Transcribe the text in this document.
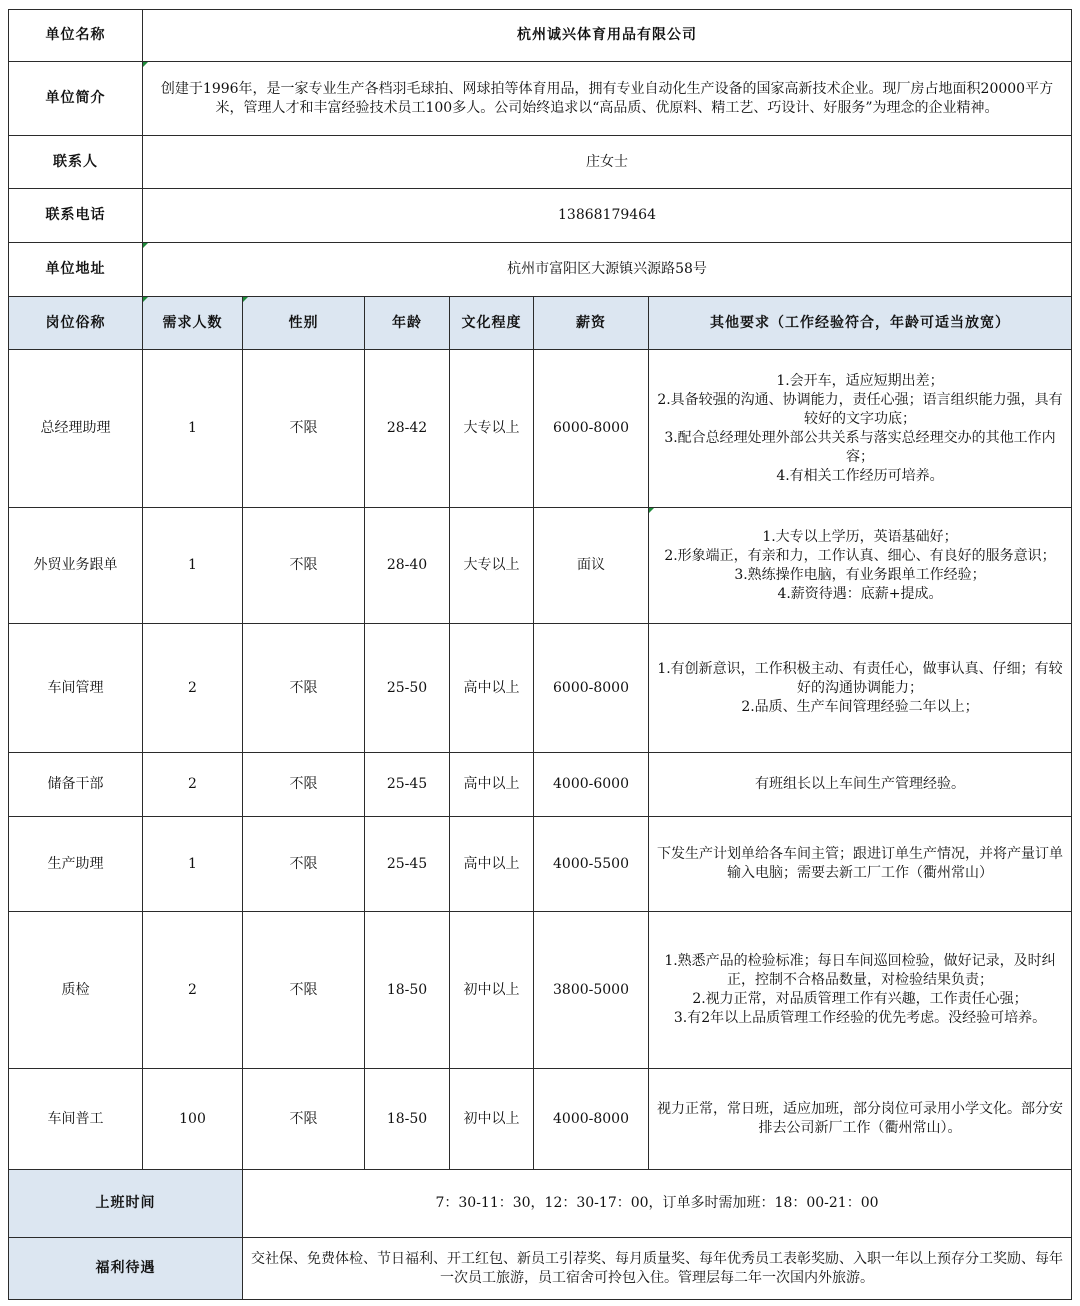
单位名称	杭州诚兴体育用品有限公司					
单位简介	创建于1996年，是一家专业生产各档羽毛球拍、网球拍等体育用品，拥有专业自动化生产设备的国家高新技术企业。现厂房占地面积20000平方米，管理人才和丰富经验技术员工100多人。公司始终追求以“高品质、优原料、精工艺、巧设计、好服务”为理念的企业精神。					
联系人	庄女士					
联系电话	13868179464					
单位地址	杭州市富阳区大源镇兴源路58号					
岗位俗称	需求人数	性别	年龄	文化程度	薪资	其他要求（工作经验符合，年龄可适当放宽）
总经理助理	1	不限	28-42	大专以上	6000-8000	1.会开车，适应短期出差；
2.具备较强的沟通、协调能力，责任心强；语言组织能力强，具有较好的文字功底；
3.配合总经理处理外部公共关系与落实总经理交办的其他工作内容；
4.有相关工作经历可培养。

外贸业务跟单	1	不限	28-40	大专以上	面议	1.大专以上学历，英语基础好；
2.形象端正，有亲和力，工作认真、细心、有良好的服务意识；
3.熟练操作电脑，有业务跟单工作经验；
4.薪资待遇：底薪+提成。

车间管理	2	不限	25-50	高中以上	6000-8000	1.有创新意识，工作积极主动、有责任心，做事认真、仔细；有较好的沟通协调能力；
2.品质、生产车间管理经验二年以上；

储备干部	2	不限	25-45	高中以上	4000-6000	有班组长以上车间生产管理经验。

生产助理	1	不限	25-45	高中以上	4000-5500	下发生产计划单给各车间主管；跟进订单生产情况，并将产量订单输入电脑；需要去新工厂工作（衢州常山）

质检	2	不限	18-50	初中以上	3800-5000	1.熟悉产品的检验标准；每日车间巡回检验，做好记录，及时纠正，控制不合格品数量，对检验结果负责；
2.视力正常，对品质管理工作有兴趣，工作责任心强；
3.有2年以上品质管理工作经验的优先考虑。没经验可培养。

车间普工	100	不限	18-50	初中以上	4000-8000	视力正常，常日班，适应加班，部分岗位可录用小学文化。部分安排去公司新厂工作（衢州常山）。

上班时间		7：30-11：30，12：30-17：00，订单多时需加班：18：00-21：00				
福利待遇		交社保、免费体检、节日福利、开工红包、新员工引荐奖、每月质量奖、每年优秀员工表彰奖励、入职一年以上预存分工奖励、每年一次员工旅游，员工宿舍可拎包入住。管理层每二年一次国内外旅游。				
